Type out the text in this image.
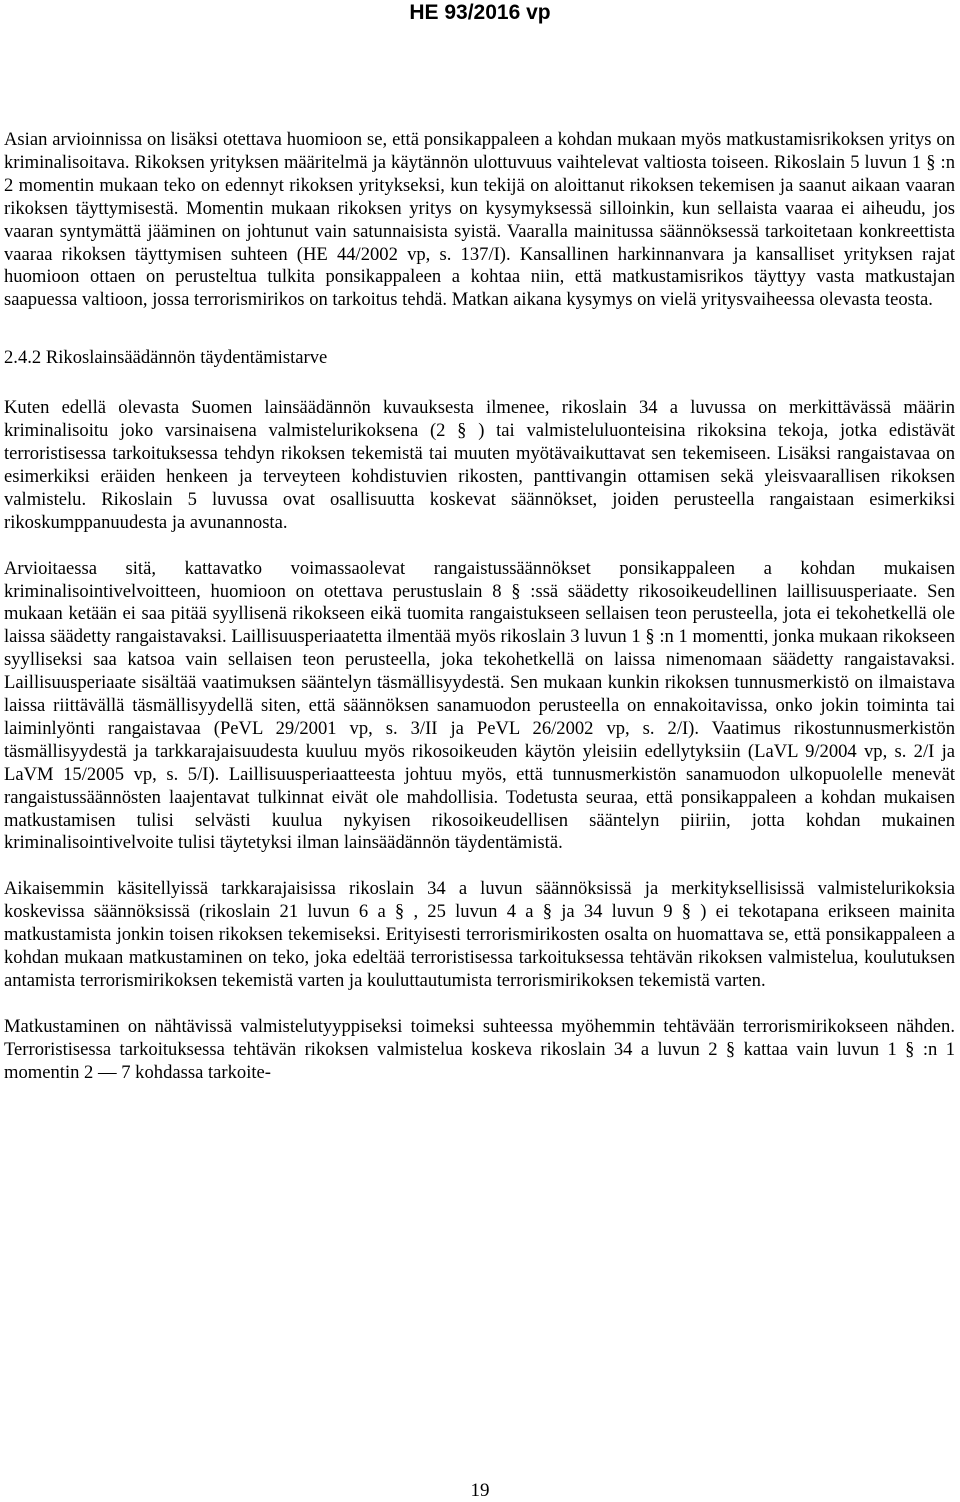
HE 93/2016 vp

Asian arvioinnissa on lisäksi otettava huomioon se, että ponsikappaleen a kohdan mukaan myös matkustamisrikoksen yritys on kriminalisoitava. Rikoksen yrityksen määritelmä ja käytännön ulottuvuus vaihtelevat valtiosta toiseen. Rikoslain 5 luvun 1 § :n 2 momentin mukaan teko on edennyt rikoksen yritykseksi, kun tekijä on aloittanut rikoksen tekemisen ja saanut aikaan vaaran rikoksen täyttymisestä. Momentin mukaan rikoksen yritys on kysymyksessä silloinkin, kun sellaista vaaraa ei aiheudu, jos vaaran syntymättä jääminen on johtunut vain satunnaisista syistä. Vaaralla mainitussa säännöksessä tarkoitetaan konkreettista vaaraa rikoksen täyttymisen suhteen (HE 44/2002 vp, s. 137/I). Kansallinen harkinnanvara ja kansalliset yrityksen rajat huomioon ottaen on perusteltua tulkita ponsikappaleen a kohtaa niin, että matkustamisrikos täyttyy vasta matkustajan saapuessa valtioon, jossa terrorismirikos on tarkoitus tehdä. Matkan aikana kysymys on vielä yritysvaiheessa olevasta teosta.

2.4.2 Rikoslainsäädännön täydentämistarve

Kuten edellä olevasta Suomen lainsäädännön kuvauksesta ilmenee, rikoslain 34 a luvussa on merkittävässä määrin kriminalisoitu joko varsinaisena valmistelurikoksena (2 § ) tai valmisteluluonteisina rikoksina tekoja, jotka edistävät terroristisessa tarkoituksessa tehdyn rikoksen tekemistä tai muuten myötävaikuttavat sen tekemiseen. Lisäksi rangaistavaa on esimerkiksi eräiden henkeen ja terveyteen kohdistuvien rikosten, panttivangin ottamisen sekä yleisvaarallisen rikoksen valmistelu. Rikoslain 5 luvussa ovat osallisuutta koskevat säännökset, joiden perusteella rangaistaan esimerkiksi rikoskumppanuudesta ja avunannosta.

Arvioitaessa sitä, kattavatko voimassaolevat rangaistussäännökset ponsikappaleen a kohdan mukaisen kriminalisointivelvoitteen, huomioon on otettava perustuslain 8 § :ssä säädetty rikosoikeudellinen laillisuusperiaate. Sen mukaan ketään ei saa pitää syyllisenä rikokseen eikä tuomita rangaistukseen sellaisen teon perusteella, jota ei tekohetkellä ole laissa säädetty rangaistavaksi. Laillisuusperiaatetta ilmentää myös rikoslain 3 luvun 1 § :n 1 momentti, jonka mukaan rikokseen syylliseksi saa katsoa vain sellaisen teon perusteella, joka tekohetkellä on laissa nimenomaan säädetty rangaistavaksi. Laillisuusperiaate sisältää vaatimuksen sääntelyn täsmällisyydestä. Sen mukaan kunkin rikoksen tunnusmerkistö on ilmaistava laissa riittävällä täsmällisyydellä siten, että säännöksen sanamuodon perusteella on ennakoitavissa, onko jokin toiminta tai laiminlyönti rangaistavaa (PeVL 29/2001 vp, s. 3/II ja PeVL 26/2002 vp, s. 2/I). Vaatimus rikostunnusmerkistön täsmällisyydestä ja tarkkarajaisuudesta kuuluu myös rikosoikeuden käytön yleisiin edellytyksiin (LaVL 9/2004 vp, s. 2/I ja LaVM 15/2005 vp, s. 5/I). Laillisuusperiaatteesta johtuu myös, että tunnusmerkistön sanamuodon ulkopuolelle menevät rangaistussäännösten laajentavat tulkinnat eivät ole mahdollisia. Todetusta seuraa, että ponsikappaleen a kohdan mukaisen matkustamisen tulisi selvästi kuulua nykyisen rikosoikeudellisen sääntelyn piiriin, jotta kohdan mukainen kriminalisointivelvoite tulisi täytetyksi ilman lainsäädännön täydentämistä.

Aikaisemmin käsitellyissä tarkkarajaisissa rikoslain 34 a luvun säännöksissä ja merkityksellisissä valmistelurikoksia koskevissa säännöksissä (rikoslain 21 luvun 6 a § , 25 luvun 4 a § ja 34 luvun 9 § ) ei tekotapana erikseen mainita matkustamista jonkin toisen rikoksen tekemiseksi. Erityisesti terrorismirikosten osalta on huomattava se, että ponsikappaleen a kohdan mukaan matkustaminen on teko, joka edeltää terroristisessa tarkoituksessa tehtävän rikoksen valmistelua, koulutuksen antamista terrorismirikoksen tekemistä varten ja kouluttautumista terrorismirikoksen tekemistä varten.

Matkustaminen on nähtävissä valmistelutyyppiseksi toimeksi suhteessa myöhemmin tehtävään terrorismirikokseen nähden. Terroristisessa tarkoituksessa tehtävän rikoksen valmistelua koskeva rikoslain 34 a luvun 2 § kattaa vain luvun 1 § :n 1 momentin 2 — 7 kohdassa tarkoite-

19
